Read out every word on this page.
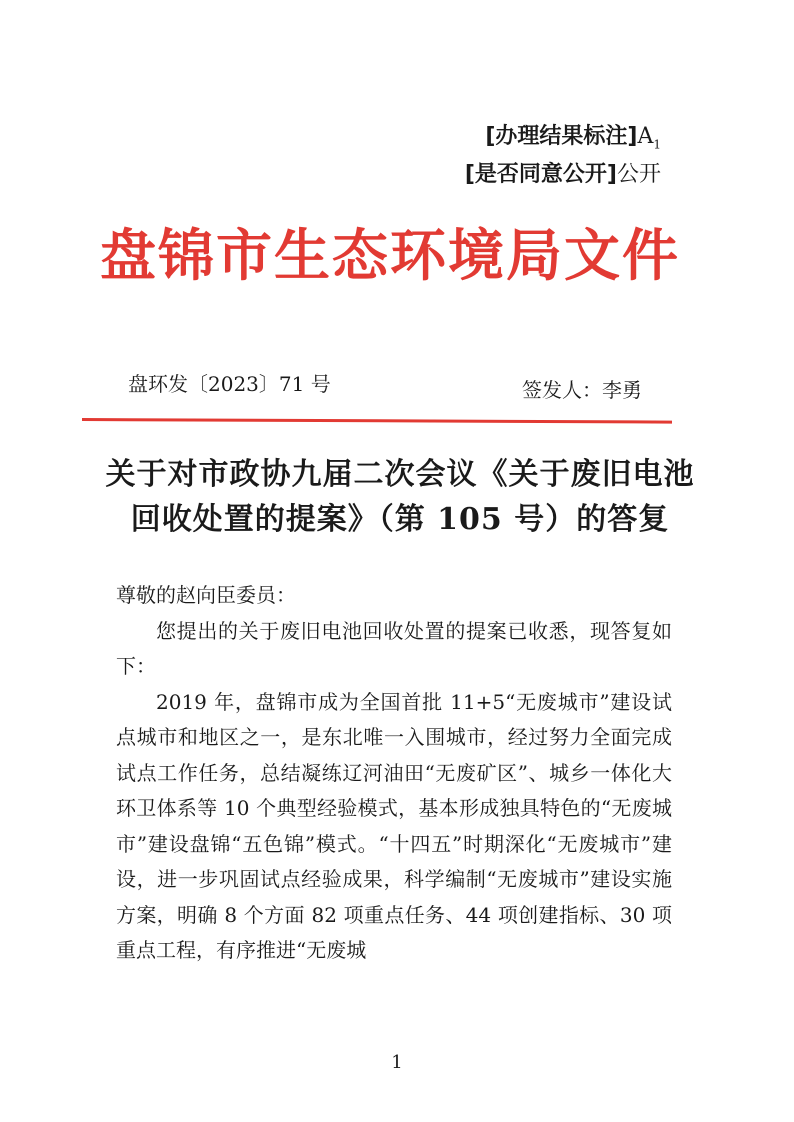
[办理结果标注]$A_1$
[是否同意公开]公开
盘锦市生态环境局文件
盘环发〔2023〕71 号	签发人：李勇
关于对市政协九届二次会议《关于废旧电池
回收处置的提案》（第 105 号）的答复

尊敬的赵向臣委员：

您提出的关于废旧电池回收处置的提案已收悉，现答复如下：

2019 年，盘锦市成为全国首批 11+5“无废城市”建设试点城市和地区之一，是东北唯一入围城市，经过努力全面完成试点工作任务，总结凝练辽河油田“无废矿区”、城乡一体化大环卫体系等 10 个典型经验模式，基本形成独具特色的“无废城市”建设盘锦“五色锦”模式。“十四五”时期深化“无废城市”建设，进一步巩固试点经验成果，科学编制“无废城市”建设实施方案，明确 8 个方面 82 项重点任务、44 项创建指标、30 项重点工程，有序推进“无废城

1
